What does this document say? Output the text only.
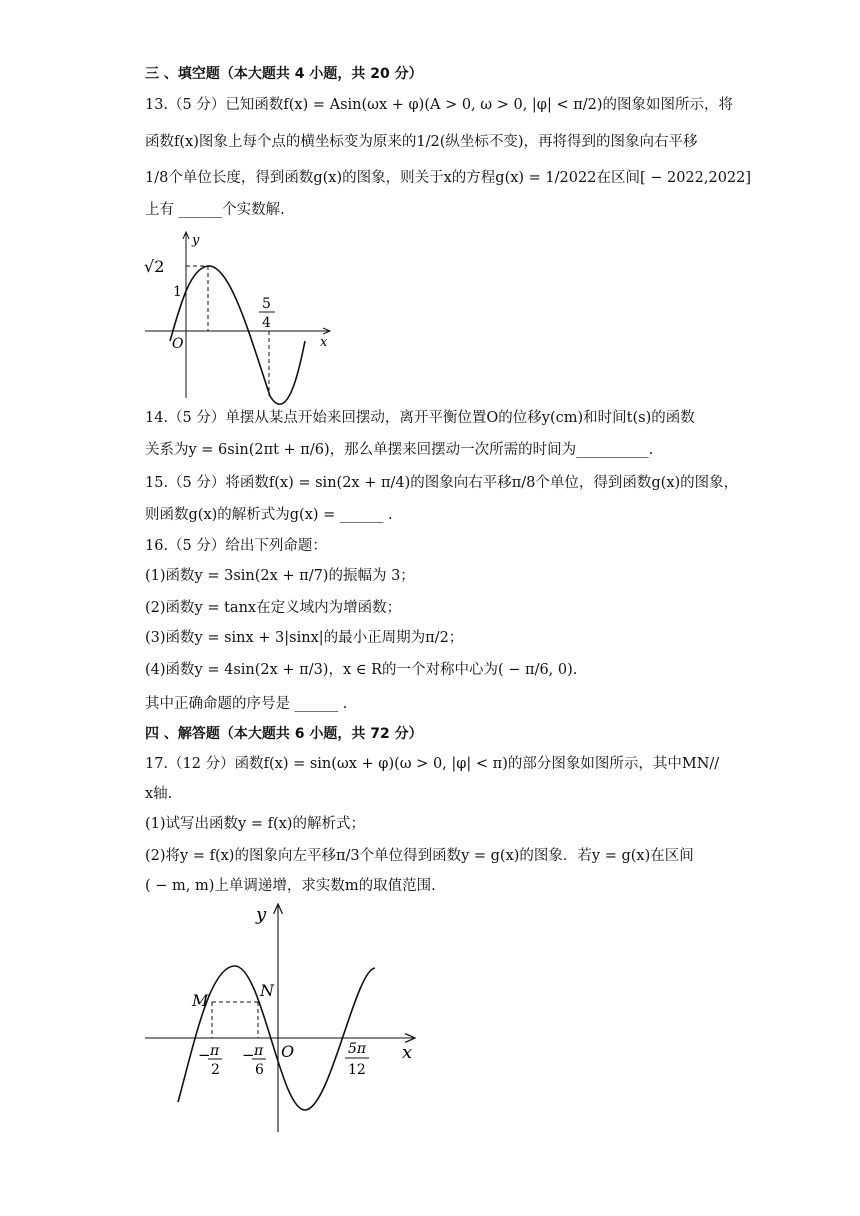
三 、填空题（本大题共 4 小题，共 20 分）
13.（5 分）已知函数f(x) = Asin(ωx + φ)(A > 0, ω > 0, |φ| < π/2)的图象如图所示，将
函数f(x)图象上每个点的横坐标变为原来的1/2(纵坐标不变)，再将得到的图象向右平移
1/8个单位长度，得到函数g(x)的图象，则关于x的方程g(x) = 1/2022在区间[ − 2022,2022]
上有 ______个实数解.
y
x
O
√2
1
5
4
14.（5 分）单摆从某点开始来回摆动，离开平衡位置O的位移y(cm)和时间t(s)的函数
关系为y = 6sin(2πt + π/6)，那么单摆来回摆动一次所需的时间为__________.
15.（5 分）将函数f(x) = sin(2x + π/4)的图象向右平移π/8个单位，得到函数g(x)的图象，
则函数g(x)的解析式为g(x) = ______ .
16.（5 分）给出下列命题：
(1)函数y = 3sin(2x + π/7)的振幅为 3；
(2)函数y = tanx在定义域内为增函数；
(3)函数y = sinx + 3|sinx|的最小正周期为π/2；
(4)函数y = 4sin(2x + π/3)，x ∈ R的一个对称中心为( − π/6, 0).
其中正确命题的序号是 ______ .
四 、解答题（本大题共 6 小题，共 72 分）
17.（12 分）函数f(x) = sin(ωx + φ)(ω > 0, |φ| < π)的部分图象如图所示，其中MN//
x轴.
(1)试写出函数y = f(x)的解析式；
(2)将y = f(x)的图象向左平移π/3个单位得到函数y = g(x)的图象．若y = g(x)在区间
( − m, m)上单调递增，求实数m的取值范围.
y
x
O
M
N
− π
2
− π
6
5π
12
